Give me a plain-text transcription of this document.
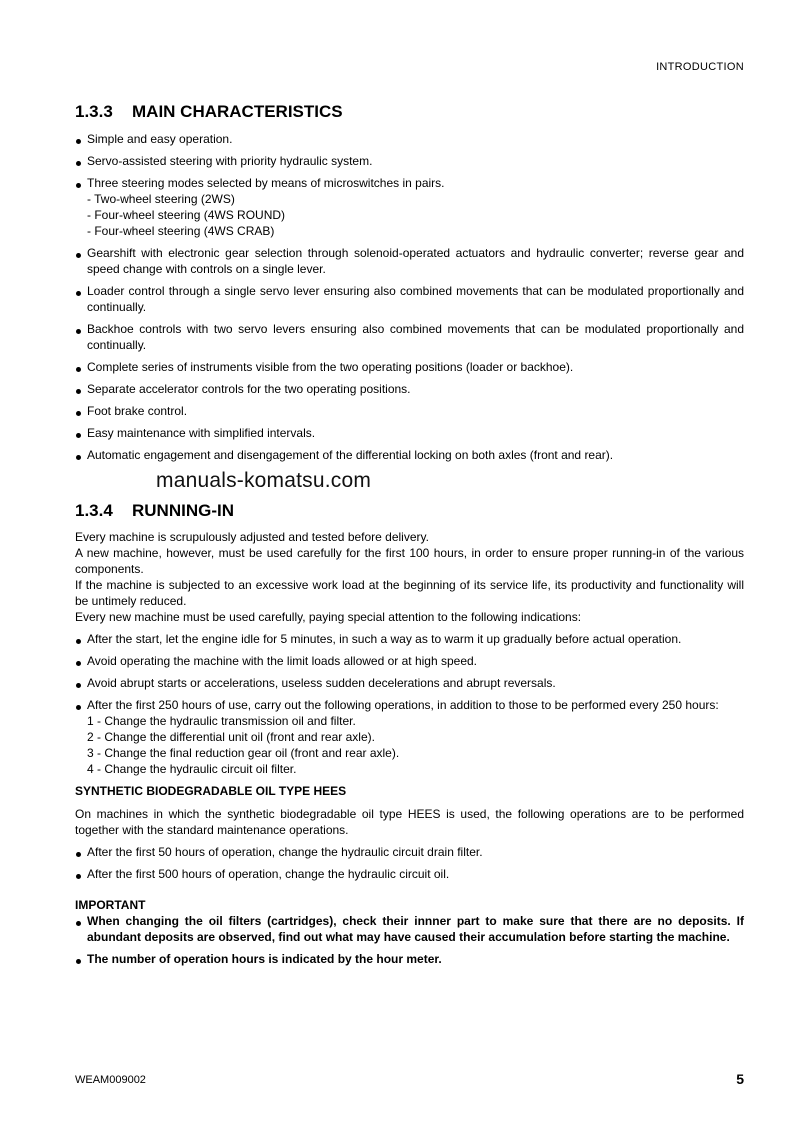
INTRODUCTION
1.3.3 MAIN CHARACTERISTICS
Simple and easy operation.
Servo-assisted steering with priority hydraulic system.
Three steering modes selected by means of microswitches in pairs.
- Two-wheel steering (2WS)
- Four-wheel steering (4WS ROUND)
- Four-wheel steering (4WS CRAB)
Gearshift with electronic gear selection through solenoid-operated actuators and hydraulic converter; reverse gear and speed change with controls on a single lever.
Loader control through a single servo lever ensuring also combined movements that can be modulated proportionally and continually.
Backhoe controls with two servo levers ensuring also combined movements that can be modulated proportionally and continually.
Complete series of instruments visible from the two operating positions (loader or backhoe).
Separate accelerator controls for the two operating positions.
Foot brake control.
Easy maintenance with simplified intervals.
Automatic engagement and disengagement of the differential locking on both axles (front and rear).
manuals-komatsu.com
1.3.4 RUNNING-IN
Every machine is scrupulously adjusted and tested before delivery.
A new machine, however, must be used carefully for the first 100 hours, in order to ensure proper running-in of the various components.
If the machine is subjected to an excessive work load at the beginning of its service life, its productivity and functionality will be untimely reduced.
Every new machine must be used carefully, paying special attention to the following indications:
After the start, let the engine idle for 5 minutes, in such a way as to warm it up gradually before actual operation.
Avoid operating the machine with the limit loads allowed or at high speed.
Avoid abrupt starts or accelerations, useless sudden decelerations and abrupt reversals.
After the first 250 hours of use, carry out the following operations, in addition to those to be performed every 250 hours:
1 - Change the hydraulic transmission oil and filter.
2 - Change the differential unit oil (front and rear axle).
3 - Change the final reduction gear oil (front and rear axle).
4 - Change the hydraulic circuit oil filter.
SYNTHETIC BIODEGRADABLE OIL TYPE HEES
On machines in which the synthetic biodegradable oil type HEES is used, the following operations are to be performed together with the standard maintenance operations.
After the first 50 hours of operation, change the hydraulic circuit drain filter.
After the first 500 hours of operation, change the hydraulic circuit oil.
IMPORTANT
When changing the oil filters (cartridges), check their innner part to make sure that there are no deposits. If abundant deposits are observed, find out what may have caused their accumulation before starting the machine.
The number of operation hours is indicated by the hour meter.
WEAM009002	5
